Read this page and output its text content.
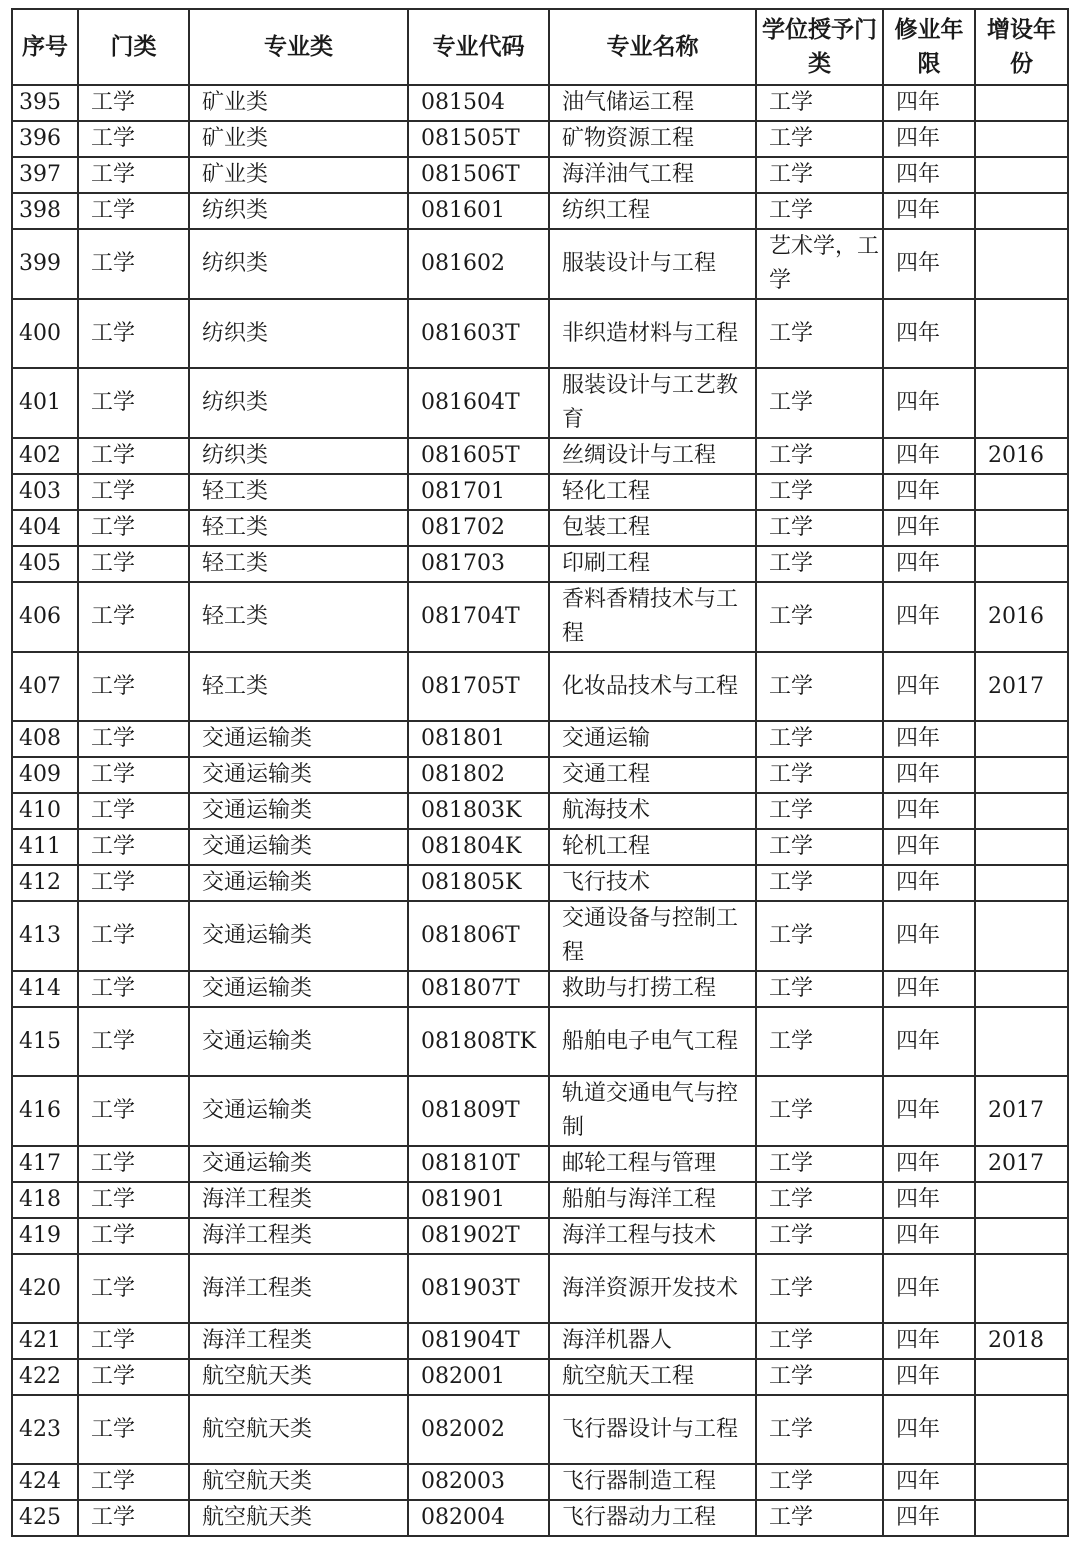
序号	门类	专业类	专业代码	专业名称	学位授予门类	修业年限	增设年份
395	工学	矿业类	081504	油气储运工程	工学	四年	
396	工学	矿业类	081505T	矿物资源工程	工学	四年	
397	工学	矿业类	081506T	海洋油气工程	工学	四年	
398	工学	纺织类	081601	纺织工程	工学	四年	
399	工学	纺织类	081602	服装设计与工程	艺术学，工学	四年	
400	工学	纺织类	081603T	非织造材料与工程	工学	四年	
401	工学	纺织类	081604T	服装设计与工艺教育	工学	四年	
402	工学	纺织类	081605T	丝绸设计与工程	工学	四年	2016
403	工学	轻工类	081701	轻化工程	工学	四年	
404	工学	轻工类	081702	包装工程	工学	四年	
405	工学	轻工类	081703	印刷工程	工学	四年	
406	工学	轻工类	081704T	香料香精技术与工程	工学	四年	2016
407	工学	轻工类	081705T	化妆品技术与工程	工学	四年	2017
408	工学	交通运输类	081801	交通运输	工学	四年	
409	工学	交通运输类	081802	交通工程	工学	四年	
410	工学	交通运输类	081803K	航海技术	工学	四年	
411	工学	交通运输类	081804K	轮机工程	工学	四年	
412	工学	交通运输类	081805K	飞行技术	工学	四年	
413	工学	交通运输类	081806T	交通设备与控制工程	工学	四年	
414	工学	交通运输类	081807T	救助与打捞工程	工学	四年	
415	工学	交通运输类	081808TK	船舶电子电气工程	工学	四年	
416	工学	交通运输类	081809T	轨道交通电气与控制	工学	四年	2017
417	工学	交通运输类	081810T	邮轮工程与管理	工学	四年	2017
418	工学	海洋工程类	081901	船舶与海洋工程	工学	四年	
419	工学	海洋工程类	081902T	海洋工程与技术	工学	四年	
420	工学	海洋工程类	081903T	海洋资源开发技术	工学	四年	
421	工学	海洋工程类	081904T	海洋机器人	工学	四年	2018
422	工学	航空航天类	082001	航空航天工程	工学	四年	
423	工学	航空航天类	082002	飞行器设计与工程	工学	四年	
424	工学	航空航天类	082003	飞行器制造工程	工学	四年	
425	工学	航空航天类	082004	飞行器动力工程	工学	四年	
